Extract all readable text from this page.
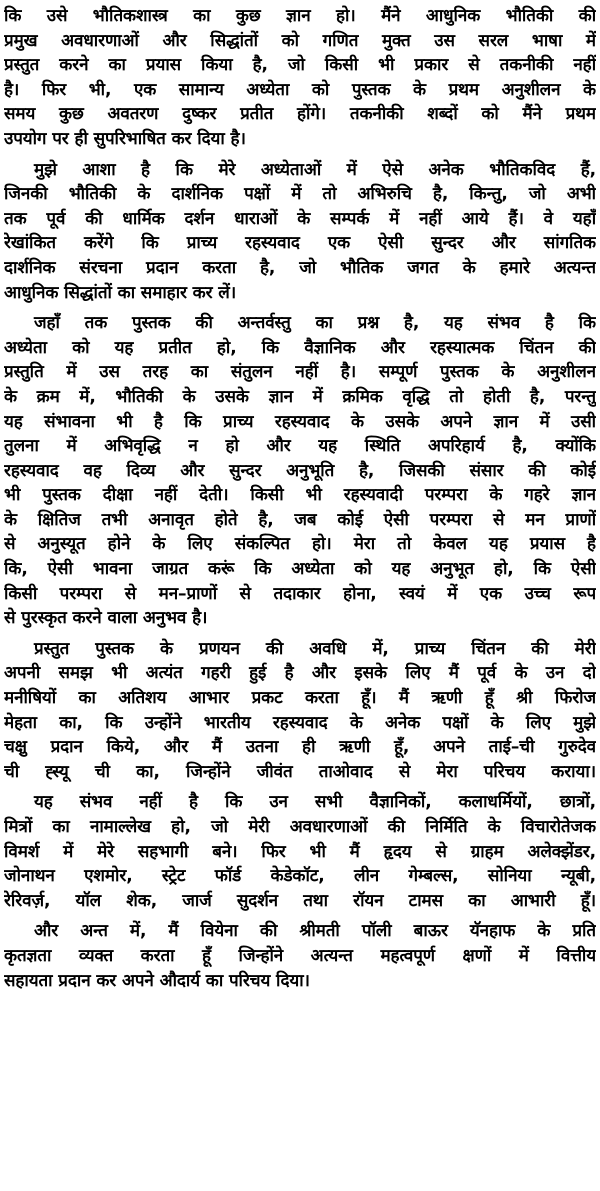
कि उसे भौतिकशास्त्र का कुछ ज्ञान हो। मैंने आधुनिक भौतिकी की
प्रमुख अवधारणाओं और सिद्धांतों को गणित मुक्त उस सरल भाषा में
प्रस्तुत करने का प्रयास किया है, जो किसी भी प्रकार से तकनीकी नहीं
है। फिर भी, एक सामान्य अध्येता को पुस्तक के प्रथम अनुशीलन के
समय कुछ अवतरण दुष्कर प्रतीत होंगे। तकनीकी शब्दों को मैंने प्रथम
उपयोग पर ही सुपरिभाषित कर दिया है।
मुझे आशा है कि मेरे अध्येताओं में ऐसे अनेक भौतिकविद हैं,
जिनकी भौतिकी के दार्शनिक पक्षों में तो अभिरुचि है, किन्तु, जो अभी
तक पूर्व की धार्मिक दर्शन धाराओं के सम्पर्क में नहीं आये हैं। वे यहाँ
रेखांकित करेंगे कि प्राच्य रहस्यवाद एक ऐसी सुन्दर और सांगतिक
दार्शनिक संरचना प्रदान करता है, जो भौतिक जगत के हमारे अत्यन्त
आधुनिक सिद्धांतों का समाहार कर लें।
जहाँ तक पुस्तक की अन्तर्वस्तु का प्रश्न है, यह संभव है कि
अध्येता को यह प्रतीत हो, कि वैज्ञानिक और रहस्यात्मक चिंतन की
प्रस्तुति में उस तरह का संतुलन नहीं है। सम्पूर्ण पुस्तक के अनुशीलन
के क्रम में, भौतिकी के उसके ज्ञान में क्रमिक वृद्धि तो होती है, परन्तु
यह संभावना भी है कि प्राच्य रहस्यवाद के उसके अपने ज्ञान में उसी
तुलना में अभिवृद्धि न हो और यह स्थिति अपरिहार्य है, क्योंकि
रहस्यवाद वह दिव्य और सुन्दर अनुभूति है, जिसकी संसार की कोई
भी पुस्तक दीक्षा नहीं देती। किसी भी रहस्यवादी परम्परा के गहरे ज्ञान
के क्षितिज तभी अनावृत होते है, जब कोई ऐसी परम्परा से मन प्राणों
से अनुस्यूत होने के लिए संकल्पित हो। मेरा तो केवल यह प्रयास है
कि, ऐसी भावना जाग्रत करूं कि अध्येता को यह अनुभूत हो, कि ऐसी
किसी परम्परा से मन–प्राणों से तदाकार होना, स्वयं में एक उच्च रूप
से पुरस्कृत करने वाला अनुभव है।
प्रस्तुत पुस्तक के प्रणयन की अवधि में, प्राच्य चिंतन की मेरी
अपनी समझ भी अत्यंत गहरी हुई है और इसके लिए मैं पूर्व के उन दो
मनीषियों का अतिशय आभार प्रकट करता हूँ। मैं ऋणी हूँ श्री फिरोज
मेहता का, कि उन्होंने भारतीय रहस्यवाद के अनेक पक्षों के लिए मुझे
चक्षु प्रदान किये, और मैं उतना ही ऋणी हूँ, अपने ताई–ची गुरुदेव
ची ह्स्यू ची का, जिन्होंने जीवंत ताओवाद से मेरा परिचय कराया।
यह संभव नहीं है कि उन सभी वैज्ञानिकों, कलाधर्मियों, छात्रों,
मित्रों का नामाल्लेख हो, जो मेरी अवधारणाओं की निर्मिति के विचारोतेजक
विमर्श में मेरे सहभागी बने। फिर भी मैं हृदय से ग्राहम अलेक्झेंडर,
जोनाथन एशमोर, स्ट्रेट फॉर्ड केडेकॉट, लीन गेम्बल्स, सोनिया न्यूबी,
रेरिवर्ज़, यॉल शेक, जार्ज सुदर्शन तथा रॉयन टामस का आभारी हूँ।
और अन्त में, मैं वियेना की श्रीमती पॉली बाऊर यॅनहाफ के प्रति
कृतज्ञता व्यक्त करता हूँ जिन्होंने अत्यन्त महत्वपूर्ण क्षणों में वित्तीय
सहायता प्रदान कर अपने औदार्य का परिचय दिया।
